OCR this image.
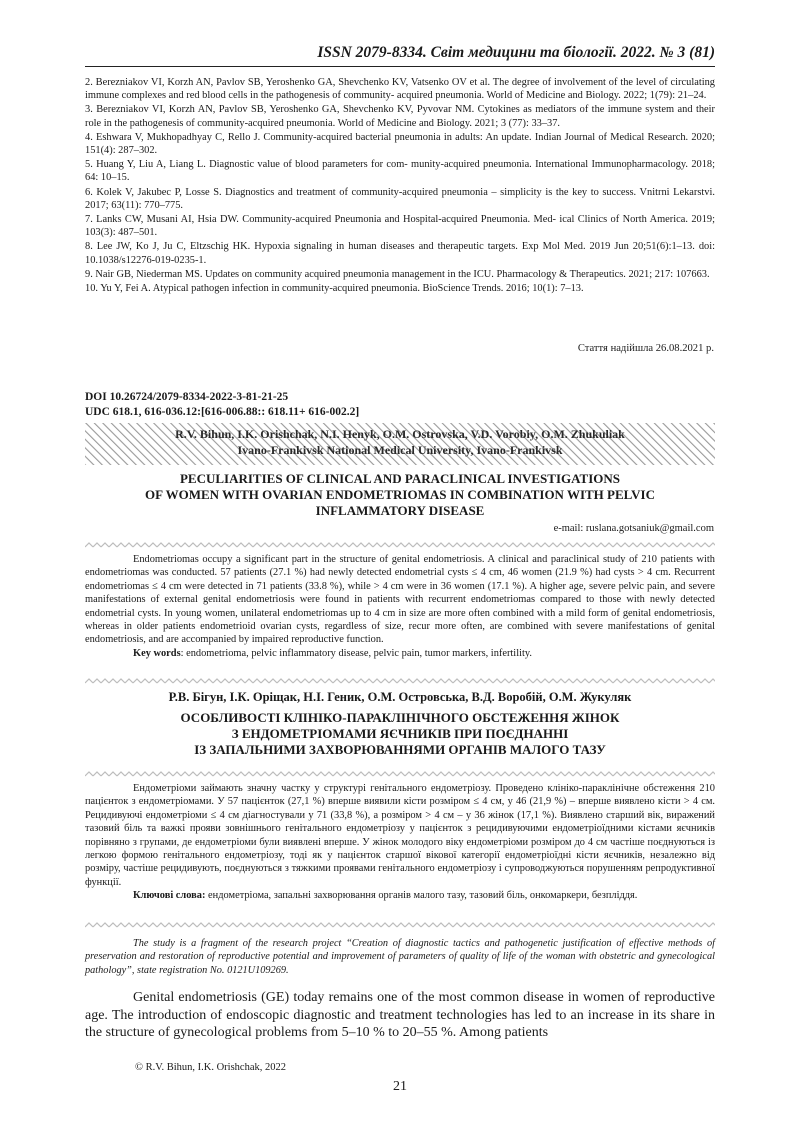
ISSN 2079-8334. Світ медицини та біології. 2022. № 3 (81)

2. Berezniakov VI, Korzh AN, Pavlov SB, Yeroshenko GA, Shevchenko KV, Vatsenko OV et al. The degree of involvement of the level of circulating immune complexes and red blood cells in the pathogenesis of community- acquired pneumonia. World of Medicine and Biology. 2022; 1(79): 21–24.

3. Berezniakov VI, Korzh AN, Pavlov SB, Yeroshenko GA, Shevchenko KV, Pyvovar NM. Cytokines as mediators of the immune system and their role in the pathogenesis of community-acquired pneumonia. World of Medicine and Biology. 2021; 3 (77): 33–37.

4. Eshwara V, Mukhopadhyay C, Rello J. Community-acquired bacterial pneumonia in adults: An update. Indian Journal of Medical Research. 2020; 151(4): 287–302.

5. Huang Y, Liu A, Liang L. Diagnostic value of blood parameters for com- munity-acquired pneumonia. International Immunopharmacology. 2018; 64: 10–15.

6. Kolek V, Jakubec P, Losse S. Diagnostics and treatment of community-acquired pneumonia – simplicity is the key to success. Vnitrni Lekarstvi. 2017; 63(11): 770–775.

7. Lanks CW, Musani AI, Hsia DW. Community-acquired Pneumonia and Hospital-acquired Pneumonia. Med- ical Clinics of North America. 2019; 103(3): 487–501.

8. Lee JW, Ko J, Ju C, Eltzschig HK. Hypoxia signaling in human diseases and therapeutic targets. Exp Mol Med. 2019 Jun 20;51(6):1–13. doi: 10.1038/s12276-019-0235-1.

9. Nair GB, Niederman MS. Updates on community acquired pneumonia management in the ICU. Pharmacology & Therapeutics. 2021; 217: 107663.

10. Yu Y, Fei A. Atypical pathogen infection in community-acquired pneumonia. BioScience Trends. 2016; 10(1): 7–13.

Стаття надійшла 26.08.2021 р.
DOI 10.26724/2079-8334-2022-3-81-21-25
UDC 618.1, 616-036.12:[616-006.88:: 618.11+ 616-002.2]
R.V. Bihun, I.K. Orishchak, N.I. Henyk, O.M. Ostrovska, V.D. Vorobiy, O.M. Zhukuliak
Ivano-Frankivsk National Medical University, Ivano-Frankivsk
PECULIARITIES OF CLINICAL AND PARACLINICAL INVESTIGATIONS
OF WOMEN WITH OVARIAN ENDOMETRIOMAS IN COMBINATION WITH PELVIC
INFLAMMATORY DISEASE
e-mail: ruslana.gotsaniuk@gmail.com

Endometriomas occupy a significant part in the structure of genital endometriosis. A clinical and paraclinical study of 210 patients with endometriomas was conducted. 57 patients (27.1 %) had newly detected endometrial cysts ≤ 4 cm, 46 women (21.9 %) had cysts > 4 cm. Recurrent endometriomas ≤ 4 cm were detected in 71 patients (33.8 %), while > 4 cm were in 36 women (17.1 %). A higher age, severe pelvic pain, and severe manifestations of external genital endometriosis were found in patients with recurrent endometriomas compared to those with newly detected endometrial cysts. In young women, unilateral endometriomas up to 4 cm in size are more often combined with a mild form of genital endometriosis, whereas in older patients endometrioid ovarian cysts, regardless of size, recur more often, are combined with severe manifestations of genital endometriosis, and are accompanied by impaired reproductive function.

Key words: endometrioma, pelvic inflammatory disease, pelvic pain, tumor markers, infertility.

Р.В. Бігун, І.К. Оріщак, Н.І. Геник, О.М. Островська, В.Д. Воробій, О.М. Жукуляк
ОСОБЛИВОСТІ КЛІНІКО-ПАРАКЛІНІЧНОГО ОБСТЕЖЕННЯ ЖІНОК
З ЕНДОМЕТРІОМАМИ ЯЄЧНИКІВ ПРИ ПОЄДНАННІ
ІЗ ЗАПАЛЬНИМИ ЗАХВОРЮВАННЯМИ ОРГАНІВ МАЛОГО ТАЗУ

Ендометріоми займають значну частку у структурі генітального ендометріозу. Проведено клініко-параклінічне обстеження 210 пацієнток з ендометріомами. У 57 пацієнток (27,1 %) вперше виявили кісти розміром ≤ 4 см, у 46 (21,9 %) – вперше виявлено кісти > 4 см. Рецидивуючі ендометріоми ≤ 4 см діагностували у 71 (33,8 %), а розміром > 4 см – у 36 жінок (17,1 %). Виявлено старший вік, виражений тазовий біль та важкі прояви зовнішнього генітального ендометріозу у пацієнток з рецидивуючими ендометріоїдними кістами яєчників порівняно з групами, де ендометріоми були виявлені вперше. У жінок молодого віку ендометріоми розміром до 4 см частіше поєднуються із легкою формою генітального ендометріозу, тоді як у пацієнток старшої вікової категорії ендометріоїдні кісти яєчників, незалежно від розміру, частіше рецидивують, поєднуються з тяжкими проявами генітального ендометріозу і супроводжуються порушенням репродуктивної функції.

Ключові слова: ендометріома, запальні захворювання органів малого тазу, тазовий біль, онкомаркери, безпліддя.

The study is a fragment of the research project “Creation of diagnostic tactics and pathogenetic justification of effective methods of preservation and restoration of reproductive potential and improvement of parameters of quality of life of the woman with obstetric and gynecological pathology”, state registration No. 0121U109269.

Genital endometriosis (GE) today remains one of the most common disease in women of reproductive age. The introduction of endoscopic diagnostic and treatment technologies has led to an increase in its share in the structure of gynecological problems from 5–10 % to 20–55 %. Among patients

© R.V. Bihun, I.K. Orishchak, 2022
21
